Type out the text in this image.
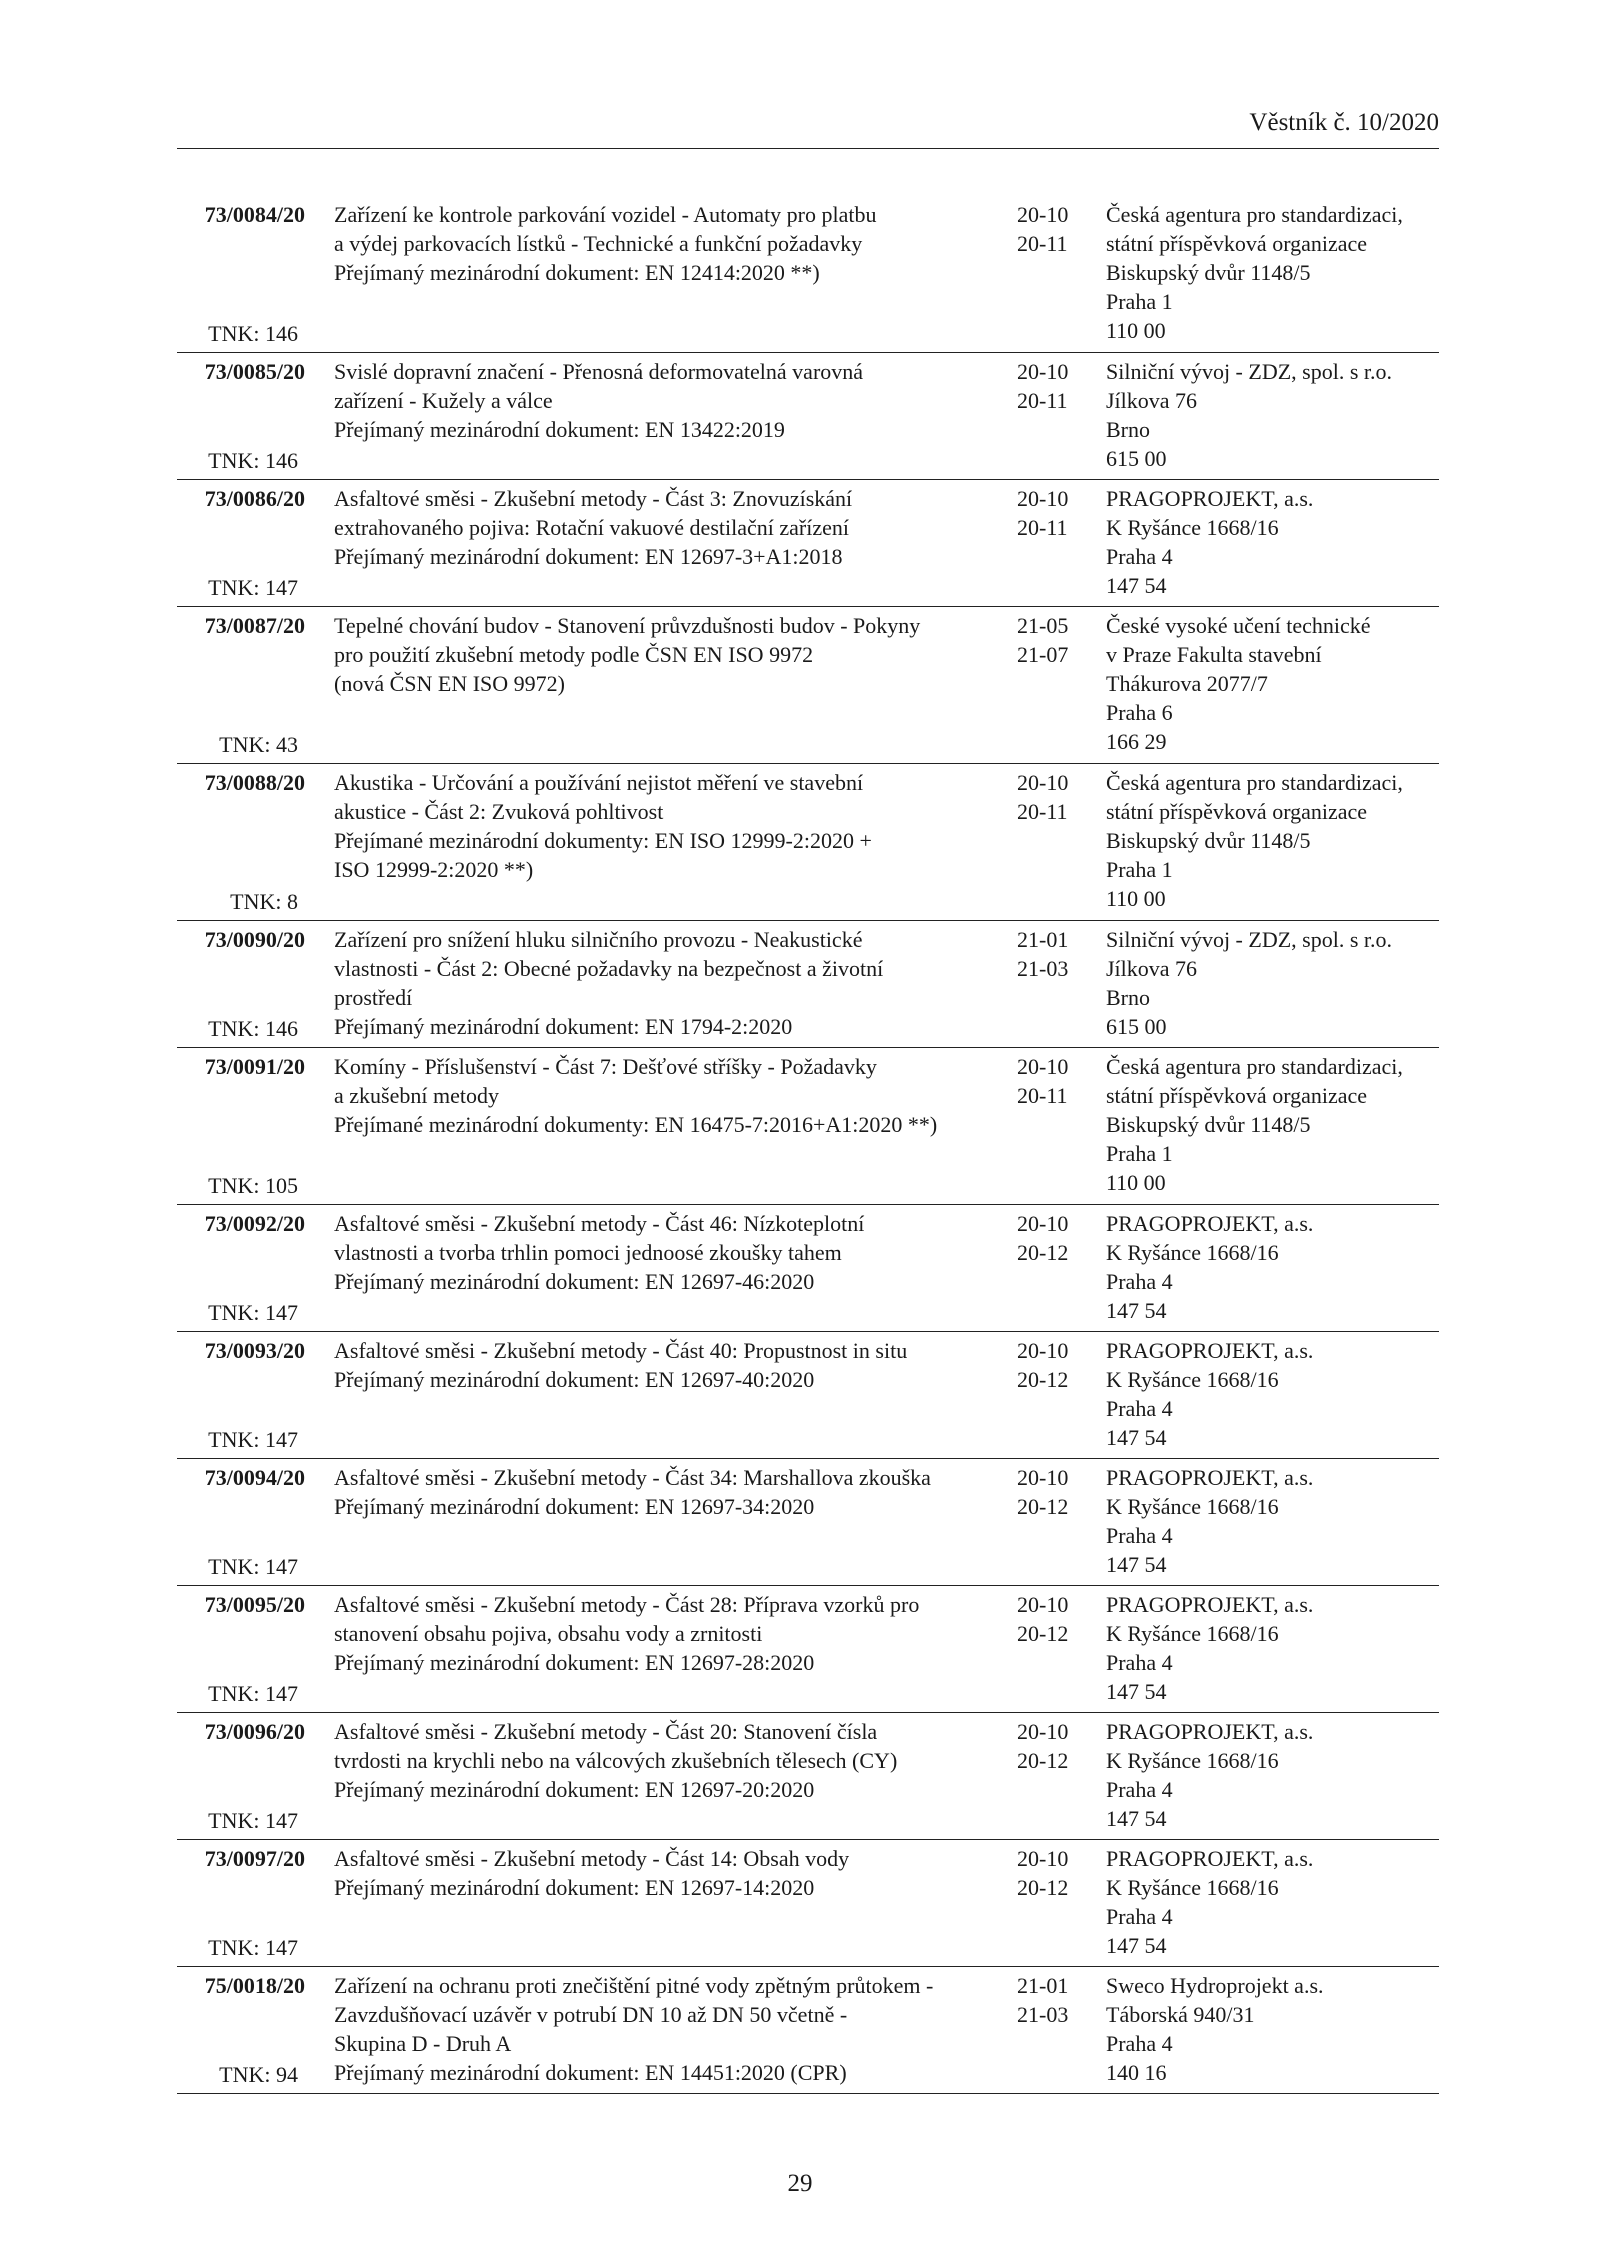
Věstník č. 10/2020
73/0084/20
TNK: 146
Zařízení ke kontrole parkování vozidel - Automaty pro platbu
a výdej parkovacích lístků - Technické a funkční požadavky
Přejímaný mezinárodní dokument: EN 12414:2020 **)
20-10
20-11
Česká agentura pro standardizaci,
státní příspěvková organizace
Biskupský dvůr 1148/5
Praha 1
110 00
73/0085/20
TNK: 146
Svislé dopravní značení - Přenosná deformovatelná varovná
zařízení - Kužely a válce
Přejímaný mezinárodní dokument: EN 13422:2019
20-10
20-11
Silniční vývoj - ZDZ, spol. s r.o.
Jílkova 76
Brno
615 00
73/0086/20
TNK: 147
Asfaltové směsi - Zkušební metody - Část 3: Znovuzískání
extrahovaného pojiva: Rotační vakuové destilační zařízení
Přejímaný mezinárodní dokument: EN 12697-3+A1:2018
20-10
20-11
PRAGOPROJEKT, a.s.
K Ryšánce 1668/16
Praha 4
147 54
73/0087/20
TNK: 43
Tepelné chování budov - Stanovení průvzdušnosti budov - Pokyny
pro použití zkušební metody podle ČSN EN ISO 9972
(nová ČSN EN ISO 9972)
21-05
21-07
České vysoké učení technické
v Praze Fakulta stavební
Thákurova 2077/7
Praha 6
166 29
73/0088/20
TNK: 8
Akustika - Určování a používání nejistot měření ve stavební
akustice - Část 2: Zvuková pohltivost
Přejímané mezinárodní dokumenty: EN ISO 12999-2:2020 +
ISO 12999-2:2020 **)
20-10
20-11
Česká agentura pro standardizaci,
státní příspěvková organizace
Biskupský dvůr 1148/5
Praha 1
110 00
73/0090/20
TNK: 146
Zařízení pro snížení hluku silničního provozu - Neakustické
vlastnosti - Část 2: Obecné požadavky na bezpečnost a životní
prostředí
Přejímaný mezinárodní dokument: EN 1794-2:2020
21-01
21-03
Silniční vývoj - ZDZ, spol. s r.o.
Jílkova 76
Brno
615 00
73/0091/20
TNK: 105
Komíny - Příslušenství - Část 7: Dešťové stříšky - Požadavky
a zkušební metody
Přejímané mezinárodní dokumenty: EN 16475-7:2016+A1:2020 **)
20-10
20-11
Česká agentura pro standardizaci,
státní příspěvková organizace
Biskupský dvůr 1148/5
Praha 1
110 00
73/0092/20
TNK: 147
Asfaltové směsi - Zkušební metody - Část 46: Nízkoteplotní
vlastnosti a tvorba trhlin pomoci jednoosé zkoušky tahem
Přejímaný mezinárodní dokument: EN 12697-46:2020
20-10
20-12
PRAGOPROJEKT, a.s.
K Ryšánce 1668/16
Praha 4
147 54
73/0093/20
TNK: 147
Asfaltové směsi - Zkušební metody - Část 40: Propustnost in situ
Přejímaný mezinárodní dokument: EN 12697-40:2020
20-10
20-12
PRAGOPROJEKT, a.s.
K Ryšánce 1668/16
Praha 4
147 54
73/0094/20
TNK: 147
Asfaltové směsi - Zkušební metody - Část 34: Marshallova zkouška
Přejímaný mezinárodní dokument: EN 12697-34:2020
20-10
20-12
PRAGOPROJEKT, a.s.
K Ryšánce 1668/16
Praha 4
147 54
73/0095/20
TNK: 147
Asfaltové směsi - Zkušební metody - Část 28: Příprava vzorků pro
stanovení obsahu pojiva, obsahu vody a zrnitosti
Přejímaný mezinárodní dokument: EN 12697-28:2020
20-10
20-12
PRAGOPROJEKT, a.s.
K Ryšánce 1668/16
Praha 4
147 54
73/0096/20
TNK: 147
Asfaltové směsi - Zkušební metody - Část 20: Stanovení čísla
tvrdosti na krychli nebo na válcových zkušebních tělesech (CY)
Přejímaný mezinárodní dokument: EN 12697-20:2020
20-10
20-12
PRAGOPROJEKT, a.s.
K Ryšánce 1668/16
Praha 4
147 54
73/0097/20
TNK: 147
Asfaltové směsi - Zkušební metody - Část 14: Obsah vody
Přejímaný mezinárodní dokument: EN 12697-14:2020
20-10
20-12
PRAGOPROJEKT, a.s.
K Ryšánce 1668/16
Praha 4
147 54
75/0018/20
TNK: 94
Zařízení na ochranu proti znečištění pitné vody zpětným průtokem -
Zavzdušňovací uzávěr v potrubí DN 10 až DN 50 včetně -
Skupina D - Druh A
Přejímaný mezinárodní dokument: EN 14451:2020 (CPR)
21-01
21-03
Sweco Hydroprojekt a.s.
Táborská 940/31
Praha 4
140 16
29
